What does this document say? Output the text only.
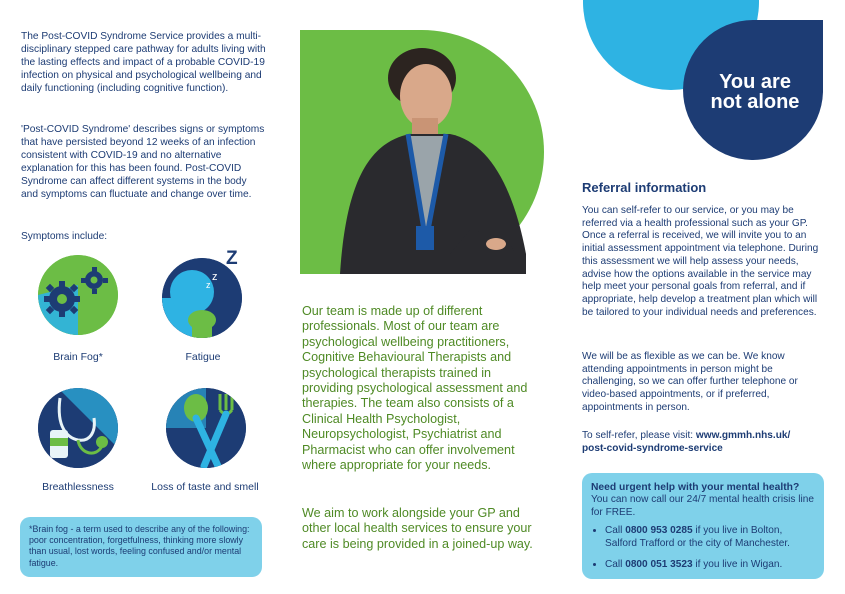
The Post-COVID Syndrome Service provides a multi-disciplinary stepped care pathway for adults living with the lasting effects and impact of a probable COVID-19 infection on physical and psychological wellbeing and daily functioning (including cognitive function).
'Post-COVID Syndrome' describes signs or symptoms that have persisted beyond 12 weeks of an infection consistent with COVID-19 and no alternative explanation for this has been found. Post-COVID Syndrome can affect different systems in the body and symptoms can fluctuate and change over time.
Symptoms include:
Brain Fog*
z
z
Z
Fatigue
Breathlessness	Loss of taste and smell
*Brain fog - a term used to describe any of the following: poor concentration, forgetfulness, thinking more slowly than usual, lost words, feeling confused and/or mental fatigue.
Our team is made up of different professionals. Most of our team are psychological wellbeing practitioners, Cognitive Behavioural Therapists and psychological therapists trained in providing psychological assessment and therapies. The team also consists of a Clinical Health Psychologist, Neuropsychologist, Psychiatrist and Pharmacist who can offer involvement where appropriate for your needs.
We aim to work alongside your GP and other local health services to ensure your care is being provided in a joined-up way.
You are
not alone
Referral information
You can self-refer to our service, or you may be referred via a health professional such as your GP. Once a referral is received, we will invite you to an initial assessment appointment via telephone. During this assessment we will help assess your needs, advise how the options available in the service may help meet your personal goals from referral, and if appropriate, help develop a treatment plan which will be tailored to your individual needs and preferences.
We will be as flexible as we can be. We know attending appointments in person might be challenging, so we can offer further telephone or video-based appointments, or if preferred, appointments in person.
To self-refer, please visit: www.gmmh.nhs.uk/
post-covid-syndrome-service
Need urgent help with your mental health?
You can now call our 24/7 mental health crisis line for FREE.
• Call 0800 953 0285 if you live in Bolton, Salford Trafford or the city of Manchester.
• Call 0800 051 3523 if you live in Wigan.
